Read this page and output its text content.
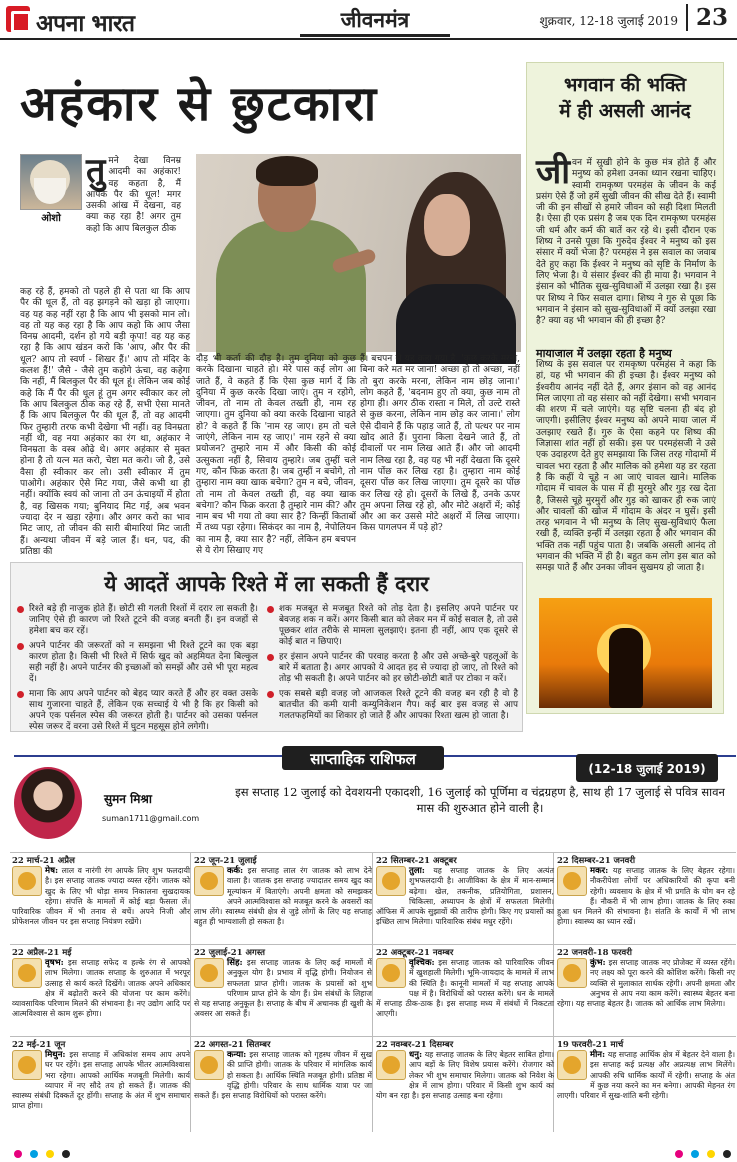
अपना भारत	जीवनमंत्र	शुक्रवार, 12-18 जुलाई 2019 23
अहंकार से छुटकारा
ओशो
तुमने देखा विनम्र आदमी का अहंकार! वह कहता है, मैं आपके पैर की धूल! मगर उसकी आंख में देखना, वह क्या कह रहा है! अगर तुम कहो कि आप बिलकुल ठीक
कह रहे हैं, हमको तो पहले ही से पता था कि आप पैर की धूल हैं, तो वह झगड़ने को खड़ा हो जाएगा। वह यह कह नहीं रहा है कि आप भी इसको मान लो। वह तो यह कह रहा है कि आप कहो कि आप जैसा विनम्र आदमी, दर्शन हो गये बड़ी कृपा! वह यह कह रहा है कि आप खंडन करो कि 'आप, और पैर की धूल? आप तो स्वर्ण - शिखर हैं।' आप तो मंदिर के कलश हैं!' जैसे - जैसे तुम कहोगे ऊंचा, वह कहेगा कि नहीं, मैं बिलकुल पैर की धूल हूं। लेकिन जब कोई कहे कि मैं पैर की धूल हूं तुम अगर स्वीकार कर लो कि आप बिलकुल ठीक कह रहे हैं, सभी ऐसा मानते हैं कि आप बिलकुल पैर की धूल हैं, तो वह आदमी फिर तुम्हारी तरफ कभी देखेगा भी नहीं। वह विनम्रता नहीं थी, वह नया अहंकार का रंग था, अहंकार ने विनम्रता के वस्त्र ओढ़े थे। अगर अहंकार से मुक्त होना है तो यत्न मत करो, चेष्टा मत करो। जो है, उसे वैसा ही स्वीकार कर लो। उसी स्वीकार में तुम पाओगे। अहंकार ऐसे मिट गया, जैसे कभी था ही नहीं। क्योंकि स्वयं को जाना तो उन ऊंचाइयों में होता है, वह खिसक गया; बुनियाद मिट गई, अब भवन ज्यादा देर न खड़ा रहेगा। और अगर करो का भाव मिट जाए, तो जीवन की सारी बीमारियां मिट जाती हैं। अन्यथा जीवन में बड़े जाल हैं। धन, पद, की प्रतिष्ठा की
दौड़ भी कर्ता की दौड़ है। तुम दुनिया को कुछ करके दिखाना चाहते हो। मेरे पास कई लोग आ जाते हैं, वे कहते हैं कि ऐसा कुछ मार्ग दें कि दुनिया में कुछ करके दिखा जाएं। तुम न रहोगे, जीवन, तो नाम तो केवल तख्ती ही, नाम रह जाएगा। तुम दुनिया को क्या करके दिखाना चाहते हो? वे कहते हैं कि 'नाम रह जाए। हम तो चले जाएंगे, लेकिन नाम रह जाए।' नाम रहने से क्या प्रयोजन? तुम्हारे नाम में और किसी की कोई उत्सुकता नहीं है, सिवाय तुम्हारे। जब तुम्हीं चले गए, कौन फिक्र करता है। जब तुम्हीं न बचोगे, तो तुम्हारा नाम क्या खाक बचेगा? तुम न बचे, जीवन, तो नाम तो केवल तख्ती ही, वह क्या खाक बचेगा? कौन फिक्र करता है तुम्हारे नाम की? और नाम बच भी गया तो क्या सार है? किन्हीं किताबों में तथ्य पड़ा रहेगा। सिकंदर का नाम है, नेपोलियन का नाम है, क्या सार है? नहीं, लेकिन हम बचपन से ये रोग सिखाए गए
हैं। बचपन से यह कहा गया है, 'कुछ करके मरना, बिना करे मत मर जाना! अच्छा हो तो अच्छा, नहीं तो बुरा करके मरना, लेकिन नाम छोड़ जाना।' लोग कहते हैं, 'बदनाम हुए तो क्या, कुछ नाम तो होगा ही। अगर ठीक रास्ता न मिले, तो उल्टे रास्ते से कुछ करना, लेकिन नाम छोड़ कर जाना।' लोग ऐसे दीवाने हैं कि पहाड़ जाते हैं, तो पत्थर पर नाम खोद आते हैं। पुराना किला देखने जाते हैं, तो दीवालों पर नाम लिख आते हैं। और जो आदमी नाम लिख रहा है, वह यह भी नहीं देखता कि दूसरे नाम पोंछ कर लिख रहा है। तुम्हारा नाम कोई दूसरा पोंछ कर लिख जाएगा। तुम दूसरे का पोंछ कर लिख रहे हो। दूसरों के लिखे हैं, उनके ऊपर तुम अपना लिख रहे हो, और मोटे अक्षरों में; कोई और आ कर उससे मोटे अक्षरों में लिख जाएगा। किस पागलपन में पड़े हो?
भगवान की भक्ति
में ही असली आनंद
जीवन में सुखी होने के कुछ मंत्र होते हैं और मनुष्य को हमेशा उनका ध्यान रखना चाहिए। स्वामी रामकृष्ण परमहंस के जीवन के कई प्रसंग ऐसे हैं जो हमें सुखी जीवन की सीख देते हैं। स्वामी जी की इन सीखों से हमारे जीवन को सही दिशा मिलती है। ऐसा ही एक प्रसंग है जब एक दिन रामकृष्ण परमहंस जी धर्म और कर्म की बातें कर रहे थे। इसी दौरान एक शिष्य ने उनसे पूछा कि गुरुदेव ईश्वर ने मनुष्य को इस संसार में क्यों भेजा है? परमहंस ने इस सवाल का जवाब देते हुए कहा कि ईश्वर ने मनुष्य को सृष्टि के निर्माण के लिए भेजा है। ये संसार ईश्वर की ही माया है। भगवान ने इंसान को भौतिक सुख-सुविधाओं में उलझा रखा है। इस पर शिष्य ने फिर सवाल दागा। शिष्य ने गुरु से पूछा कि भगवान ने इंसान को सुख-सुविधाओं में क्यों उलझा रखा है? क्या वह भी भगवान की ही इच्छा है?
मायाजाल में उलझा रहता है मनुष्य
शिष्य के इस सवाल पर रामकृष्ण परमहंस ने कहा कि हां, यह भी भगवान की ही इच्छा है। ईश्वर मनुष्य को ईश्वरीय आनंद नहीं देते हैं, अगर इंसान को वह आनंद मिल जाएगा तो वह संसार को नहीं देखेगा। सभी भगवान की शरण में चले जाएंगे। यह सृष्टि चलना ही बंद हो जाएगी। इसीलिए ईश्वर मनुष्य को अपने माया जाल में उलझाए रखते हैं। गुरु के ऐसा कहने पर शिष्य की जिज्ञासा शांत नहीं हो सकी। इस पर परमहंसजी ने उसे एक उदाहरण देते हुए समझाया कि जिस तरह गोदामों में चावल भरा रहता है और मालिक को हमेशा यह डर रहता है कि कहीं ये चूहे न आ जाएं चावल खाने। मालिक गोदाम में चावल के पास में ही मुरमुरे और गुड़ रख देता है, जिससे चूहे मुरमुरों और गुड़ को खाकर ही रुक जाएं और चावलों की खोज में गोदाम के अंदर न घुसें। इसी तरह भगवान ने भी मनुष्य के लिए सुख-सुविधाएं फैला रखी हैं, व्यक्ति इन्हीं में उलझा रहता है और भगवान की भक्ति तक नहीं पहुंच पाता है। जबकि असली आनंद तो भगवान की भक्ति में ही है। बहुत कम लोग इस बात को समझ पाते हैं और उनका जीवन सुखमय हो जाता है।
ये आदतें आपके रिश्ते में ला सकती हैं दरार
रिश्ते बड़े ही नाजुक होते हैं। छोटी सी गलती रिश्तों में दरार ला सकती है। जानिए ऐसे ही कारण जो रिश्ते टूटने की वजह बनती हैं। इन वजहों से हमेशा बच कर रहें।
अपने पार्टनर की जरूरतों को न समझना भी रिश्ते टूटने का एक बड़ा कारण होता है। किसी भी रिश्ते में सिर्फ खुद को अहमियत देना बिल्कुल सही नहीं है। अपने पार्टनर की इच्छाओं को समझें और उसे भी पूरा महत्व दें।
माना कि आप अपने पार्टनर को बेहद प्यार करते हैं और हर वक्त उसके साथ गुजारना चाहते हैं, लेकिन एक सच्चाई ये भी है कि हर किसी को अपने एक पर्सनल स्पेस की जरूरत होती है। पार्टनर को उसका पर्सनल स्पेस जरूर दें वरना उसे रिश्ते में घुटन महसूस होने लगेगी।
शक मजबूत से मजबूत रिश्ते को तोड़ देता है। इसलिए अपने पार्टनर पर बेवजह शक न करें। अगर किसी बात को लेकर मन में कोई सवाल है, तो उसे पूछकर शांत तरीके से मामला सुलझाएं। इतना ही नहीं, आप एक दूसरे से कोई बात न छिपाएं।
हर इंसान अपने पार्टनर की परवाह करता है और उसे अच्छे-बुरे पहलूओं के बारे में बताता है। अगर आपको ये आदत हद से ज्यादा हो जाए, तो रिश्ते को तोड़ भी सकती है। अपने पार्टनर को हर छोटी-छोटी बातें पर टोका न करें।
एक सबसे बड़ी वजह जो आजकल रिश्ते टूटने की वजह बन रही है वो है बातचीत की कमी यानी कम्युनिकेशन गैप। कई बार इस वजह से आप गलतफहमियों का शिकार हो जाते हैं और आपका रिश्ता खत्म हो जाता है।
साप्ताहिक राशिफल
(12-18 जुलाई 2019)
सुमन मिश्रा
suman1711@gmail.com
इस सप्ताह 12 जुलाई को देवशयनी एकादशी, 16 जुलाई को पूर्णिमा व चंद्रग्रहण है, साथ ही 17 जुलाई से पवित्र सावन मास की शुरुआत होने वाली है।
22 मार्च-21 अप्रैल
मेष: लाल व नारंगी रंग आपके लिए शुभ फलदायी है। इस सप्ताह जातक ज्यादा व्यस्त रहेंगे। जातक को खुद के लिए भी थोड़ा समय निकालना सुखदायक रहेगा। संपत्ति के मामलों में कोई बड़ा फैसला लें। पारिवारिक जीवन में भी तनाव से बचें। अपने निजी और प्रोफेशनल जीवन पर इस सप्ताह नियंत्रण रखेंगे।
22 जून-21 जुलाई
कर्क: इस सप्ताह लाल रंग जातक को लाभ देने वाला है। जातक इस सप्ताह ज्यादातर समय खुद का मूल्यांकन में बिताएंगे। अपनी क्षमता को समझकर अपने आत्मविश्वास को मजबूत करने के अवसरों का लाभ लेंगे। स्वास्थ्य संबंधी क्षेत्र से जुड़े लोगों के लिए यह सप्ताह बहुत ही भाग्यशाली हो सकता है।
22 सितम्बर-21 अक्टूबर
तुला: यह सप्ताह जातक के लिए अत्यंत शुभफलदायी है। आजीविका के क्षेत्र में मान-सम्मान बढ़ेगा। खेल, तकनीक, प्रतियोगिता, प्रशासन, चिकित्सा, अध्यापन के क्षेत्रों में सफलता मिलेगी। ऑफिस में आपके सुझावों की तारीफ होगी। किए गए प्रयासों का इच्छित लाभ मिलेगा। पारिवारिक संबंध मधुर रहेंगे।
22 दिसम्बर-21 जनवरी
मकर: यह सप्ताह जातक के लिए बेहतर रहेगा। नौकरीपेशा लोगों पर अधिकारियों की कृपा बनी रहेगी। व्यवसाय के क्षेत्र में भी प्रगति के योग बन रहे हैं। नौकरी में भी लाभ होगा। जातक के लिए रुका हुआ धन मिलने की संभावना है। संतति के कार्यों में भी लाभ होगा। स्वास्थ्य का ध्यान रखें।
22 अप्रैल-21 मई
वृषभ: इस सप्ताह सफेद व हल्के रंग से आपको लाभ मिलेगा। जातक सप्ताह के शुरुआत में भरपूर उत्साह से कार्य करते दिखेंगे। जातक अपने अधिकार क्षेत्र में बढ़ोतरी करने की योजना पर काम करेंगे। व्यावसायिक परिणाम मिलने की संभावना है। नए उद्योग आदि पर आत्मविश्वास से काम शुरू होगा।
22 जुलाई-21 अगस्त
सिंह: इस सप्ताह जातक के लिए कई मामलों में अनुकूल योग है। प्रभाव में वृद्धि होगी। नियोजन से सफलता प्राप्त होगी। जातक के प्रयासों को शुभ परिणाम प्राप्त होने के योग हैं। प्रेम संबंधों के लिहाज से यह सप्ताह अनुकूल है। सप्ताह के बीच में अचानक ही खुशी के अवसर आ सकते हैं।
22 अक्टूबर-21 नवम्बर
वृश्चिक: इस सप्ताह जातक को पारिवारिक जीवन में खुशहाली मिलेगी। भूमि-जायदाद के मामले में लाभ की स्थिति है। कानूनी मामलों में यह सप्ताह आपके पक्ष में है। विरोधियों को परास्त करेंगे। धन के मामले में सप्ताह ठीक-ठाक है। इस सप्ताह मध्य में संबंधों में निकटता आएगी।
22 जनवरी-18 फरवरी
कुंभ: इस सप्ताह जातक नए प्रोजेक्ट में व्यस्त रहेंगे। नए लक्ष्य को पूरा करने की कोशिश करेंगे। किसी नए व्यक्ति से मुलाकात सार्थक रहेगी। अपनी क्षमता और अनुभव से आप नया काम करेंगे। स्वास्थ्य बेहतर बना रहेगा। यह सप्ताह बेहतर है। जातक को आर्थिक लाभ मिलेगा।
22 मई-21 जून
मिथुन: इस सप्ताह में अधिकांश समय आप अपने घर पर रहेंगे। इस सप्ताह आपके भीतर आत्मविश्वास भरा रहेगा। आपको आर्थिक मजबूती मिलेगी। कार्य व्यापार में नए सौदे तय हो सकते हैं। जातक की स्वास्थ्य संबंधी दिक्कतें दूर होंगी। सप्ताह के अंत में शुभ समाचार प्राप्त होगा।
22 अगस्त-21 सितम्बर
कन्या: इस सप्ताह जातक को गृहस्थ जीवन में सुख की प्राप्ति होगी। जातक के परिवार में मांगलिक कार्य हो सकता है। आर्थिक स्थिति मजबूत होगी। प्रतिष्ठा में वृद्धि होगी। परिवार के साथ धार्मिक यात्रा पर जा सकते हैं। इस सप्ताह विरोधियों को परास्त करेंगे।
22 नवम्बर-21 दिसम्बर
धनु: यह सप्ताह जातक के लिए बेहतर साबित होगा। आप बड़ों के लिए विशेष प्रयास करेंगे। रोजगार को लेकर भी शुभ समाचार मिलेगा। जातक को निवेश के क्षेत्र में लाभ होगा। परिवार में किसी शुभ कार्य का योग बन रहा है। इस सप्ताह उत्साह बना रहेगा।
19 फरवरी-21 मार्च
मीन: यह सप्ताह आर्थिक क्षेत्र में बेहतर देने वाला है। इस सप्ताह कई प्रत्यक्ष और अप्रत्यक्ष लाभ मिलेंगे। आपकी रुचि धार्मिक कार्यों में रहेगी। सप्ताह के अंत में कुछ नया करने का मन बनेगा। आपकी मेहनत रंग लाएगी। परिवार में सुख-शांति बनी रहेगी।
